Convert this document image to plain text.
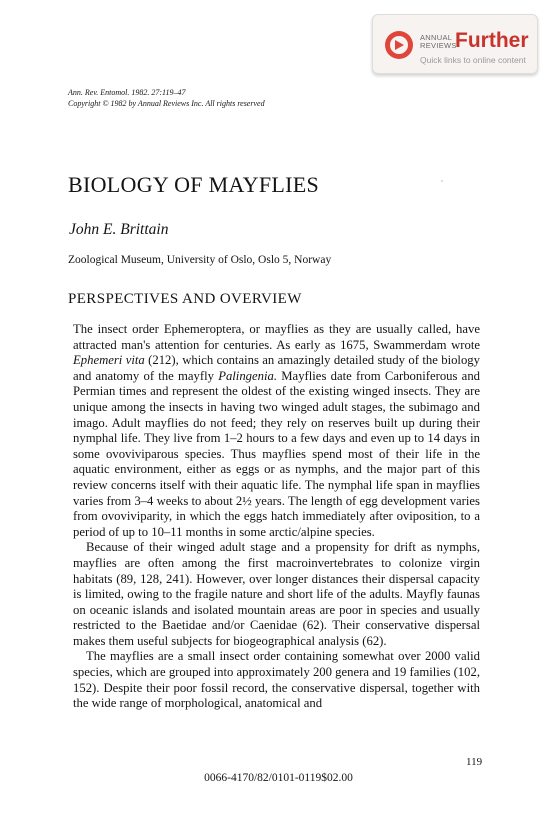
ANNUAL
REVIEWS
Further
Quick links to online content
Ann. Rev. Entomol. 1982. 27:119–47
Copyright © 1982 by Annual Reviews Inc. All rights reserved
BIOLOGY OF MAYFLIES
John E. Brittain
Zoological Museum, University of Oslo, Oslo 5, Norway
PERSPECTIVES AND OVERVIEW

The insect order Ephemeroptera, or mayflies as they are usually called, have attracted man's attention for centuries. As early as 1675, Swammerdam wrote Ephemeri vita (212), which contains an amazingly detailed study of the biology and anatomy of the mayfly Palingenia. Mayflies date from Carboniferous and Permian times and represent the oldest of the existing winged insects. They are unique among the insects in having two winged adult stages, the subimago and imago. Adult mayflies do not feed; they rely on reserves built up during their nymphal life. They live from 1–2 hours to a few days and even up to 14 days in some ovoviviparous species. Thus mayflies spend most of their life in the aquatic environment, either as eggs or as nymphs, and the major part of this review concerns itself with their aquatic life. The nymphal life span in mayflies varies from 3–4 weeks to about 2½ years. The length of egg development varies from ovoviviparity, in which the eggs hatch immediately after oviposition, to a period of up to 10–11 months in some arctic/alpine species.

Because of their winged adult stage and a propensity for drift as nymphs, mayflies are often among the first macroinvertebrates to colonize virgin habitats (89, 128, 241). However, over longer distances their dispersal capacity is limited, owing to the fragile nature and short life of the adults. Mayfly faunas on oceanic islands and isolated mountain areas are poor in species and usually restricted to the Baetidae and/or Caenidae (62). Their conservative dispersal makes them useful subjects for biogeographical analysis (62).

The mayflies are a small insect order containing somewhat over 2000 valid species, which are grouped into approximately 200 genera and 19 families (102, 152). Despite their poor fossil record, the conservative dispersal, together with the wide range of morphological, anatomical and

119
0066-4170/82/0101-0119$02.00
